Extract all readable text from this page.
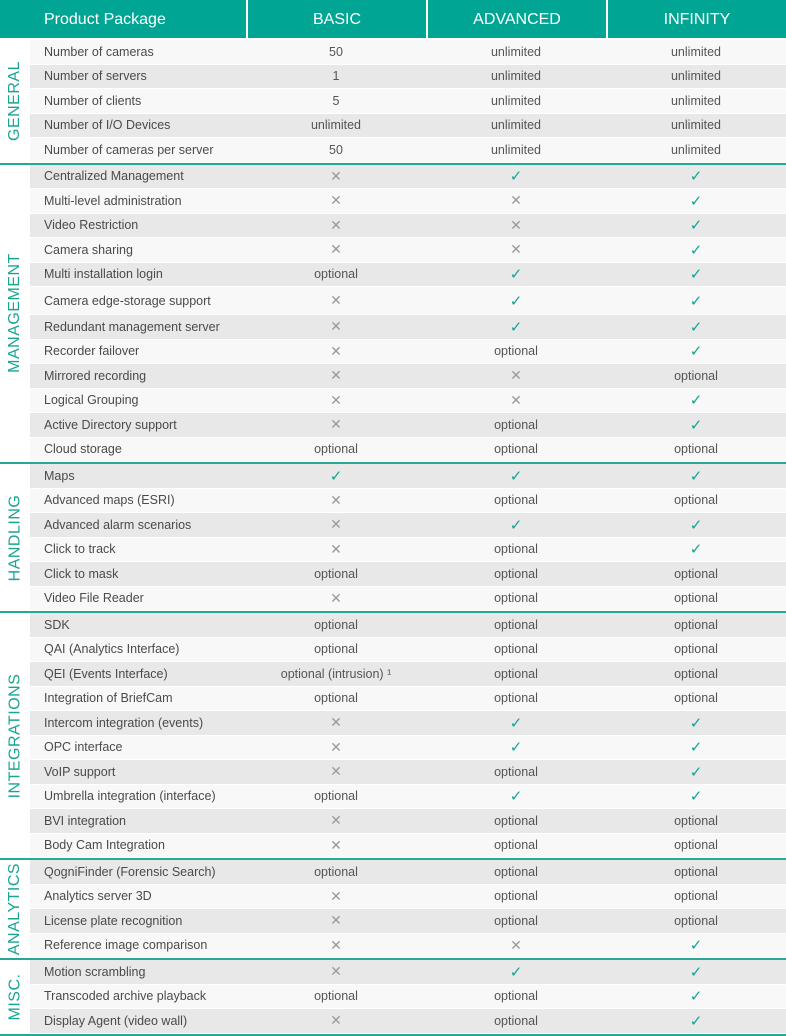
Product Package	BASIC	ADVANCED	INFINITY
GENERAL
Number of cameras	50	unlimited	unlimited
Number of servers	1	unlimited	unlimited
Number of clients	5	unlimited	unlimited
Number of I/O Devices	unlimited	unlimited	unlimited
Number of cameras per server	50	unlimited	unlimited
MANAGEMENT
Centralized Management	✕	✓	✓
Multi-level administration	✕	✕	✓
Video Restriction	✕	✕	✓
Camera sharing	✕	✕	✓
Multi installation login	optional	✓	✓
Camera edge-storage support	✕	✓	✓
Redundant management server	✕	✓	✓
Recorder failover	✕	optional	✓
Mirrored recording	✕	✕	optional
Logical Grouping	✕	✕	✓
Active Directory support	✕	optional	✓
Cloud storage	optional	optional	optional
HANDLING
Maps	✓	✓	✓
Advanced maps (ESRI)	✕	optional	optional
Advanced alarm scenarios	✕	✓	✓
Click to track	✕	optional	✓
Click to mask	optional	optional	optional
Video File Reader	✕	optional	optional
INTEGRATIONS
SDK	optional	optional	optional
QAI (Analytics Interface)	optional	optional	optional
QEI (Events Interface)	optional (intrusion) ¹	optional	optional
Integration of BriefCam	optional	optional	optional
Intercom integration (events)	✕	✓	✓
OPC interface	✕	✓	✓
VoIP support	✕	optional	✓
Umbrella integration (interface)	optional	✓	✓
BVI integration	✕	optional	optional
Body Cam Integration	✕	optional	optional
ANALYTICS	QogniFinder (Forensic Search)	optional	optional	optional
Analytics server 3D	✕	optional	optional
License plate recognition	✕	optional	optional
Reference image comparison	✕	✕	✓
MISC.
Motion scrambling	✕	✓	✓
Transcoded archive playback	optional	optional	✓
Display Agent (video wall)	✕	optional	✓
